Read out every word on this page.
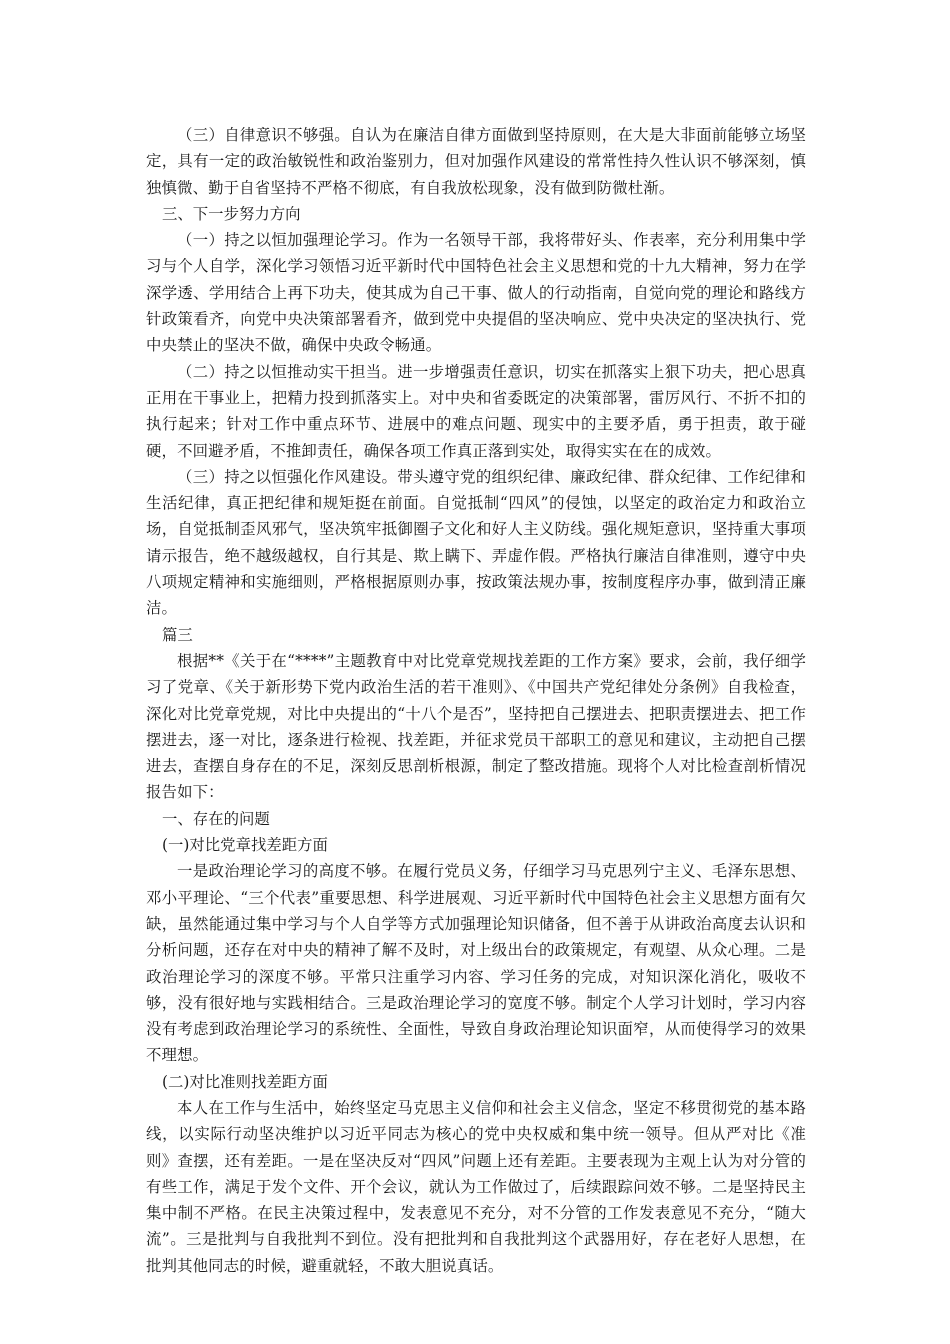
（三）自律意识不够强。自认为在廉洁自律方面做到坚持原则，在大是大非面前能够立场坚定，具有一定的政治敏锐性和政治鉴别力，但对加强作风建设的常常性持久性认识不够深刻，慎独慎微、勤于自省坚持不严格不彻底，有自我放松现象，没有做到防微杜渐。

三、下一步努力方向

（一）持之以恒加强理论学习。作为一名领导干部，我将带好头、作表率，充分利用集中学习与个人自学，深化学习领悟习近平新时代中国特色社会主义思想和党的十九大精神，努力在学深学透、学用结合上再下功夫，使其成为自己干事、做人的行动指南，自觉向党的理论和路线方针政策看齐，向党中央决策部署看齐，做到党中央提倡的坚决响应、党中央决定的坚决执行、党中央禁止的坚决不做，确保中央政令畅通。

（二）持之以恒推动实干担当。进一步增强责任意识，切实在抓落实上狠下功夫，把心思真正用在干事业上，把精力投到抓落实上。对中央和省委既定的决策部署，雷厉风行、不折不扣的执行起来；针对工作中重点环节、进展中的难点问题、现实中的主要矛盾，勇于担责，敢于碰硬，不回避矛盾，不推卸责任，确保各项工作真正落到实处，取得实实在在的成效。

（三）持之以恒强化作风建设。带头遵守党的组织纪律、廉政纪律、群众纪律、工作纪律和生活纪律，真正把纪律和规矩挺在前面。自觉抵制“四风”的侵蚀，以坚定的政治定力和政治立场，自觉抵制歪风邪气，坚决筑牢抵御圈子文化和好人主义防线。强化规矩意识，坚持重大事项请示报告，绝不越级越权，自行其是、欺上瞒下、弄虚作假。严格执行廉洁自律准则，遵守中央八项规定精神和实施细则，严格根据原则办事，按政策法规办事，按制度程序办事，做到清正廉洁。

篇三

根据**《关于在“****”主题教育中对比党章党规找差距的工作方案》要求，会前，我仔细学习了党章、《关于新形势下党内政治生活的若干准则》、《中国共产党纪律处分条例》自我检查，深化对比党章党规，对比中央提出的“十八个是否”，坚持把自己摆进去、把职责摆进去、把工作摆进去，逐一对比，逐条进行检视、找差距，并征求党员干部职工的意见和建议，主动把自己摆进去，查摆自身存在的不足，深刻反思剖析根源，制定了整改措施。现将个人对比检查剖析情况报告如下：

一、存在的问题

(一)对比党章找差距方面

一是政治理论学习的高度不够。在履行党员义务，仔细学习马克思列宁主义、毛泽东思想、邓小平理论、“三个代表”重要思想、科学进展观、习近平新时代中国特色社会主义思想方面有欠缺，虽然能通过集中学习与个人自学等方式加强理论知识储备，但不善于从讲政治高度去认识和分析问题，还存在对中央的精神了解不及时，对上级出台的政策规定，有观望、从众心理。二是政治理论学习的深度不够。平常只注重学习内容、学习任务的完成，对知识深化消化，吸收不够，没有很好地与实践相结合。三是政治理论学习的宽度不够。制定个人学习计划时，学习内容没有考虑到政治理论学习的系统性、全面性，导致自身政治理论知识面窄，从而使得学习的效果不理想。

(二)对比准则找差距方面

本人在工作与生活中，始终坚定马克思主义信仰和社会主义信念，坚定不移贯彻党的基本路线，以实际行动坚决维护以习近平同志为核心的党中央权威和集中统一领导。但从严对比《准则》查摆，还有差距。一是在坚决反对“四风”问题上还有差距。主要表现为主观上认为对分管的有些工作，满足于发个文件、开个会议，就认为工作做过了，后续跟踪问效不够。二是坚持民主集中制不严格。在民主决策过程中，发表意见不充分，对不分管的工作发表意见不充分，“随大流”。三是批判与自我批判不到位。没有把批判和自我批判这个武器用好，存在老好人思想，在批判其他同志的时候，避重就轻，不敢大胆说真话。
